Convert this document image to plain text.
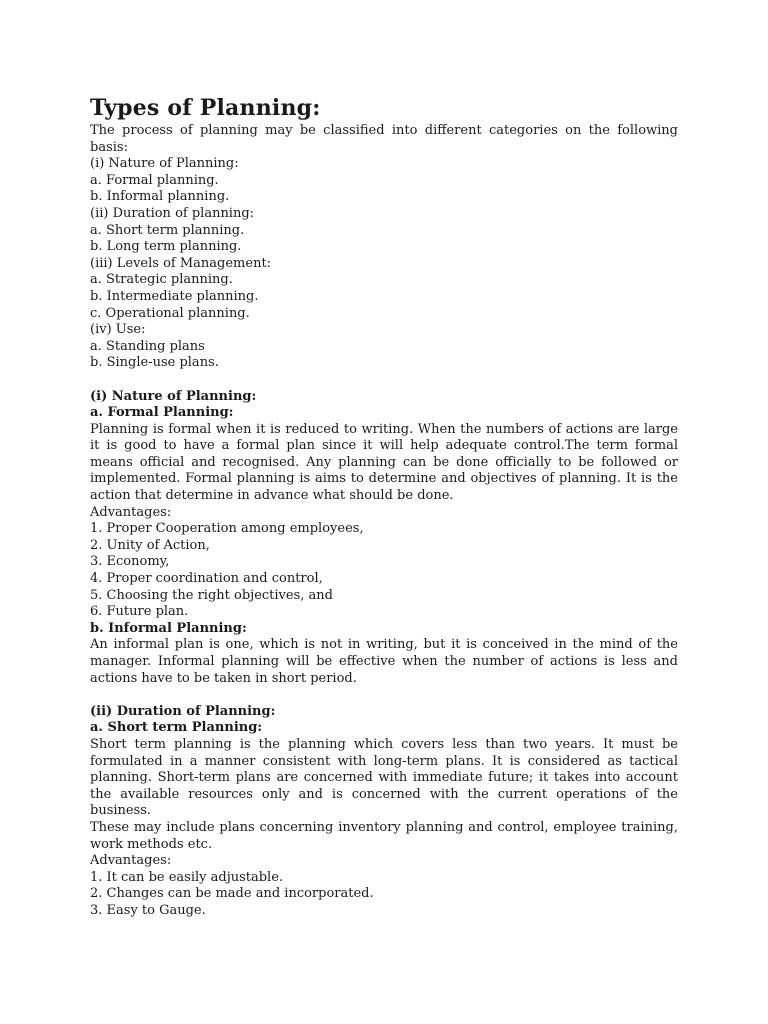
Types of Planning:
The process of planning may be classified into different categories on the following basis:
(i) Nature of Planning:
a. Formal planning.
b. Informal planning.
(ii) Duration of planning:
a. Short term planning.
b. Long term planning.
(iii) Levels of Management:
a. Strategic planning.
b. Intermediate planning.
c. Operational planning.
(iv) Use:
a. Standing plans
b. Single-use plans.
(i) Nature of Planning:
a. Formal Planning:
Planning is formal when it is reduced to writing. When the numbers of actions are large it is good to have a formal plan since it will help adequate control.The term formal means official and recognised. Any planning can be done officially to be followed or implemented. Formal planning is aims to determine and objectives of planning. It is the action that determine in advance what should be done.
Advantages:
1. Proper Cooperation among employees,
2. Unity of Action,
3. Economy,
4. Proper coordination and control,
5. Choosing the right objectives, and
6. Future plan.
b. Informal Planning:
An informal plan is one, which is not in writing, but it is conceived in the mind of the manager. Informal planning will be effective when the number of actions is less and actions have to be taken in short period.
(ii) Duration of Planning:
a. Short term Planning:
Short term planning is the planning which covers less than two years. It must be formulated in a manner consistent with long-term plans. It is considered as tactical planning. Short-term plans are concerned with immediate future; it takes into account the available resources only and is concerned with the current operations of the business.
These may include plans concerning inventory planning and control, employee training, work methods etc.
Advantages:
1. It can be easily adjustable.
2. Changes can be made and incorporated.
3. Easy to Gauge.
